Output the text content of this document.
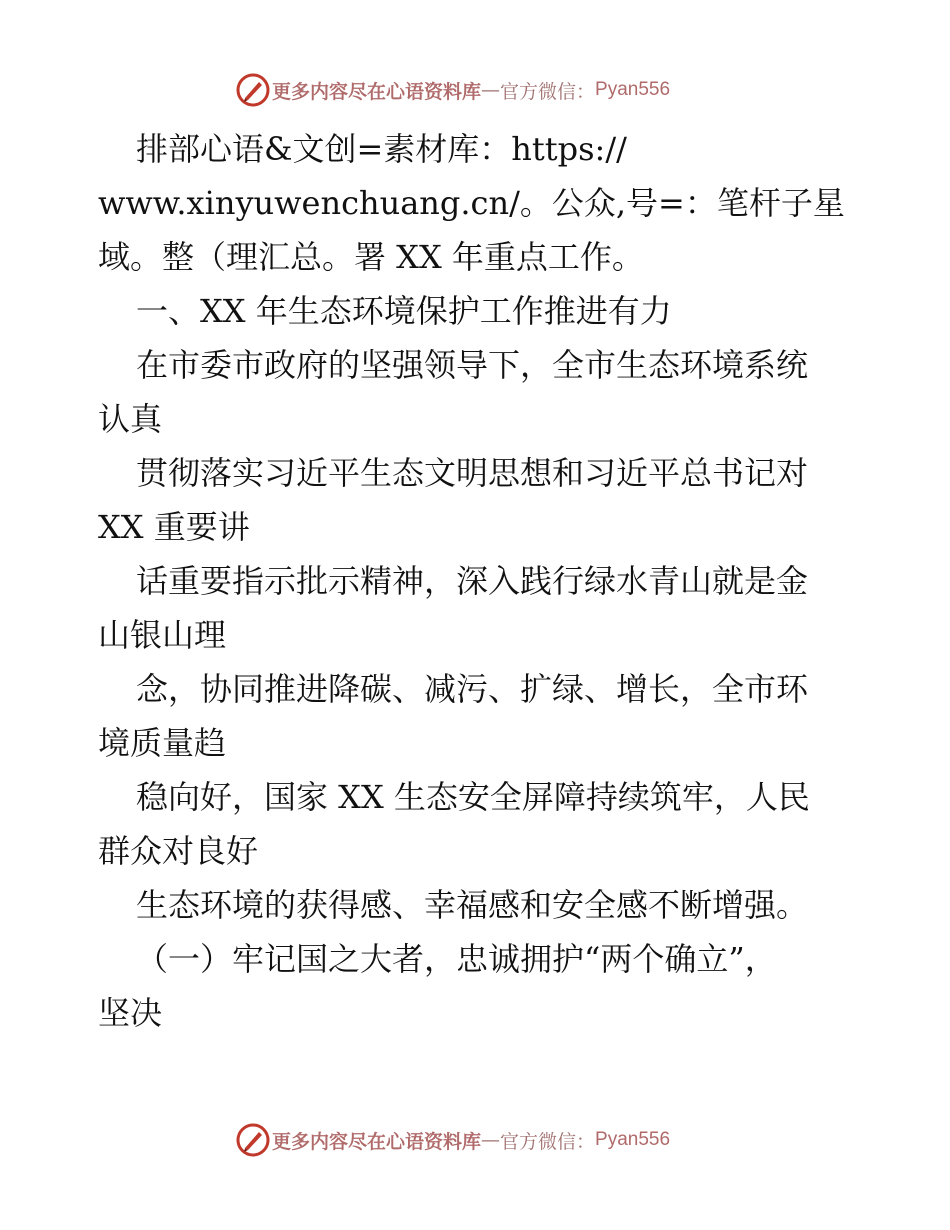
更多内容尽在心语资料库 — 官方微信： Pyan556
排部心语&文创=素材库：https://
www.xinyuwenchuang.cn/。公众,号=：笔杆子星
域。整（理汇总。署 XX 年重点工作。
一、XX 年生态环境保护工作推进有力
在市委市政府的坚强领导下，全市生态环境系统
认真
贯彻落实习近平生态文明思想和习近平总书记对
XX 重要讲
话重要指示批示精神，深入践行绿水青山就是金
山银山理
念，协同推进降碳、减污、扩绿、增长，全市环
境质量趋
稳向好，国家 XX 生态安全屏障持续筑牢，人民
群众对良好
生态环境的获得感、幸福感和安全感不断增强。
（一）牢记国之大者，忠诚拥护“两个确立”，
坚决
更多内容尽在心语资料库 — 官方微信： Pyan556
